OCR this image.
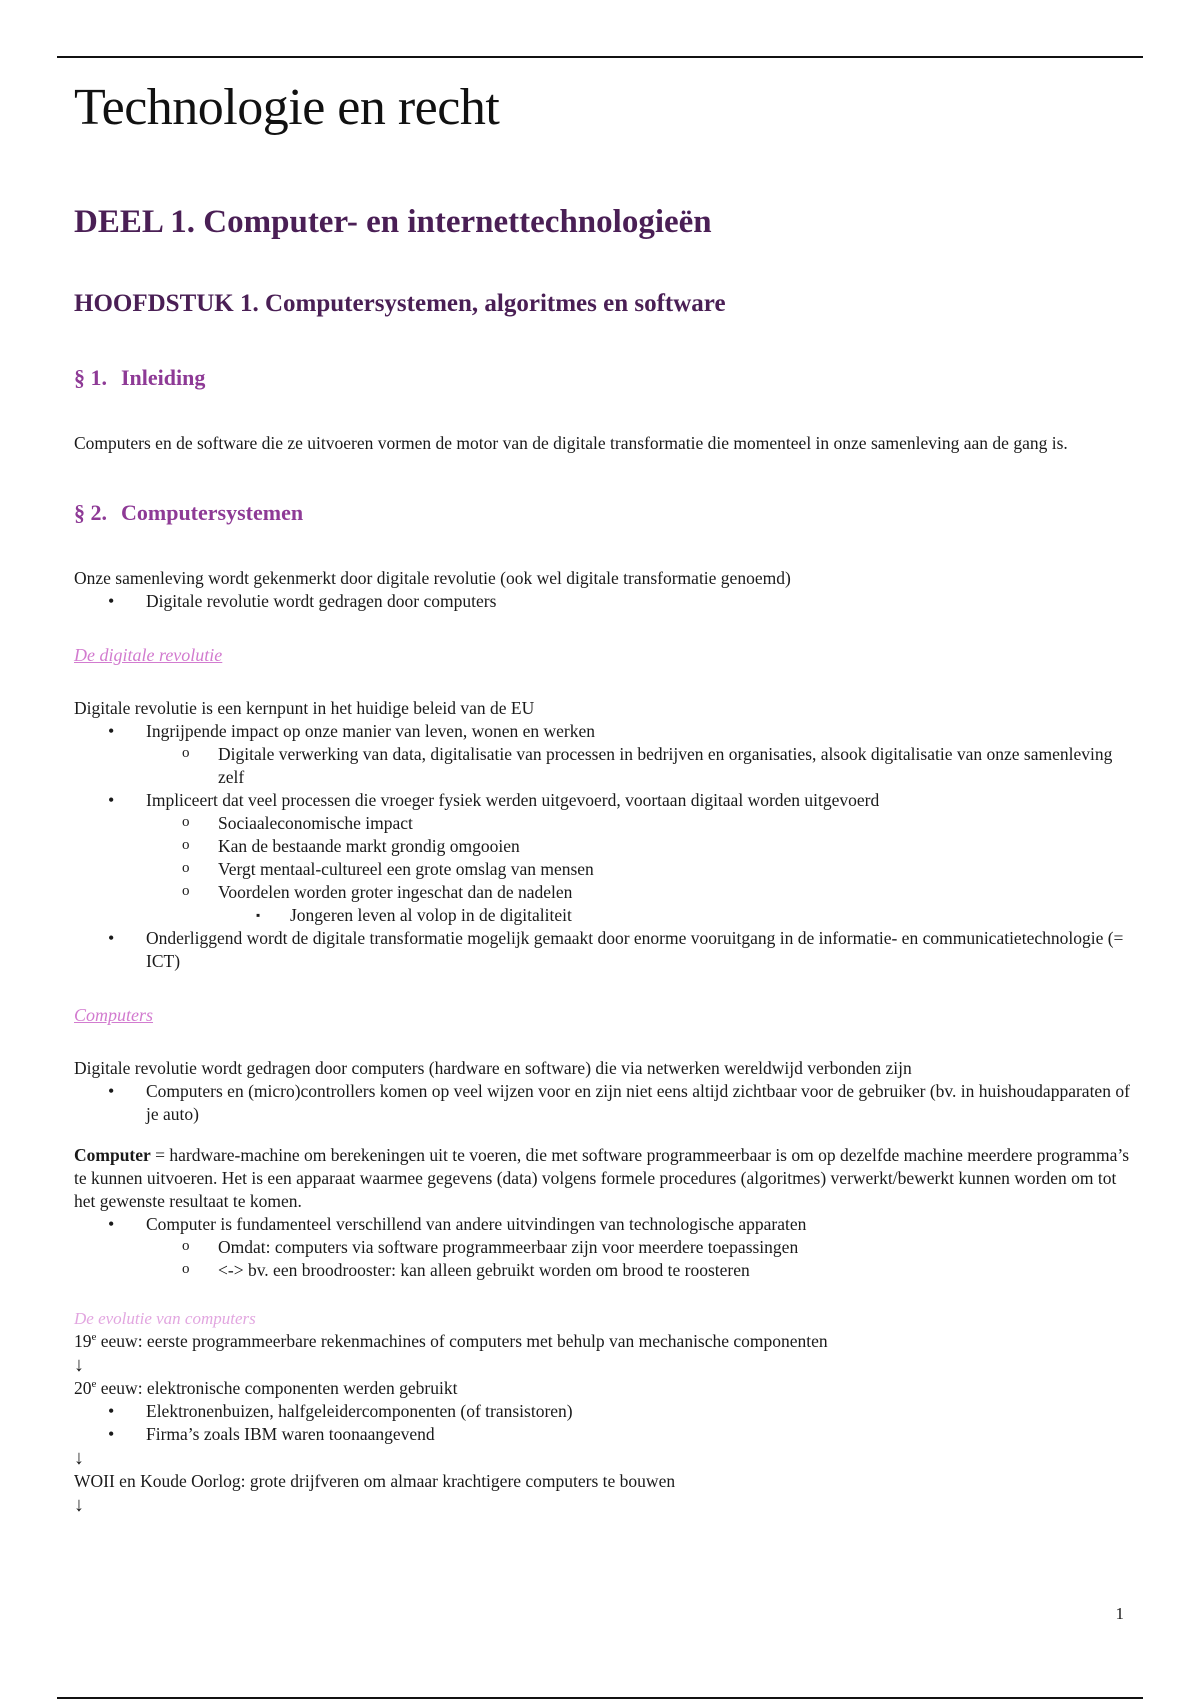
Technologie en recht
DEEL 1. Computer- en internettechnologieën
HOOFDSTUK 1. Computersystemen, algoritmes en software
§ 1. Inleiding

Computers en de software die ze uitvoeren vormen de motor van de digitale transformatie die momenteel in onze samenleving aan de gang is.

§ 2. Computersystemen

Onze samenleving wordt gekenmerkt door digitale revolutie (ook wel digitale transformatie genoemd)

• Digitale revolutie wordt gedragen door computers
De digitale revolutie

Digitale revolutie is een kernpunt in het huidige beleid van de EU

• Ingrijpende impact op onze manier van leven, wonen en werken
o Digitale verwerking van data, digitalisatie van processen in bedrijven en organisaties, alsook digitalisatie van onze samenleving zelf
• Impliceert dat veel processen die vroeger fysiek werden uitgevoerd, voortaan digitaal worden uitgevoerd
o Sociaaleconomische impact
o Kan de bestaande markt grondig omgooien
o Vergt mentaal-cultureel een grote omslag van mensen
o Voordelen worden groter ingeschat dan de nadelen
▪ Jongeren leven al volop in de digitaliteit
• Onderliggend wordt de digitale transformatie mogelijk gemaakt door enorme vooruitgang in de informatie- en communicatietechnologie (= ICT)
Computers

Digitale revolutie wordt gedragen door computers (hardware en software) die via netwerken wereldwijd verbonden zijn

• Computers en (micro)controllers komen op veel wijzen voor en zijn niet eens altijd zichtbaar voor de gebruiker (bv. in huishoudapparaten of je auto)

Computer = hardware-machine om berekeningen uit te voeren, die met software programmeerbaar is om op dezelfde machine meerdere programma’s te kunnen uitvoeren. Het is een apparaat waarmee gegevens (data) volgens formele procedures (algoritmes) verwerkt/bewerkt kunnen worden om tot het gewenste resultaat te komen.

• Computer is fundamenteel verschillend van andere uitvindingen van technologische apparaten
o Omdat: computers via software programmeerbaar zijn voor meerdere toepassingen
o <-> bv. een broodrooster: kan alleen gebruikt worden om brood te roosteren
De evolutie van computers

19e eeuw: eerste programmeerbare rekenmachines of computers met behulp van mechanische componenten

↓

20e eeuw: elektronische componenten werden gebruikt

• Elektronenbuizen, halfgeleidercomponenten (of transistoren)
• Firma’s zoals IBM waren toonaangevend
↓

WOII en Koude Oorlog: grote drijfveren om almaar krachtigere computers te bouwen

↓
1
